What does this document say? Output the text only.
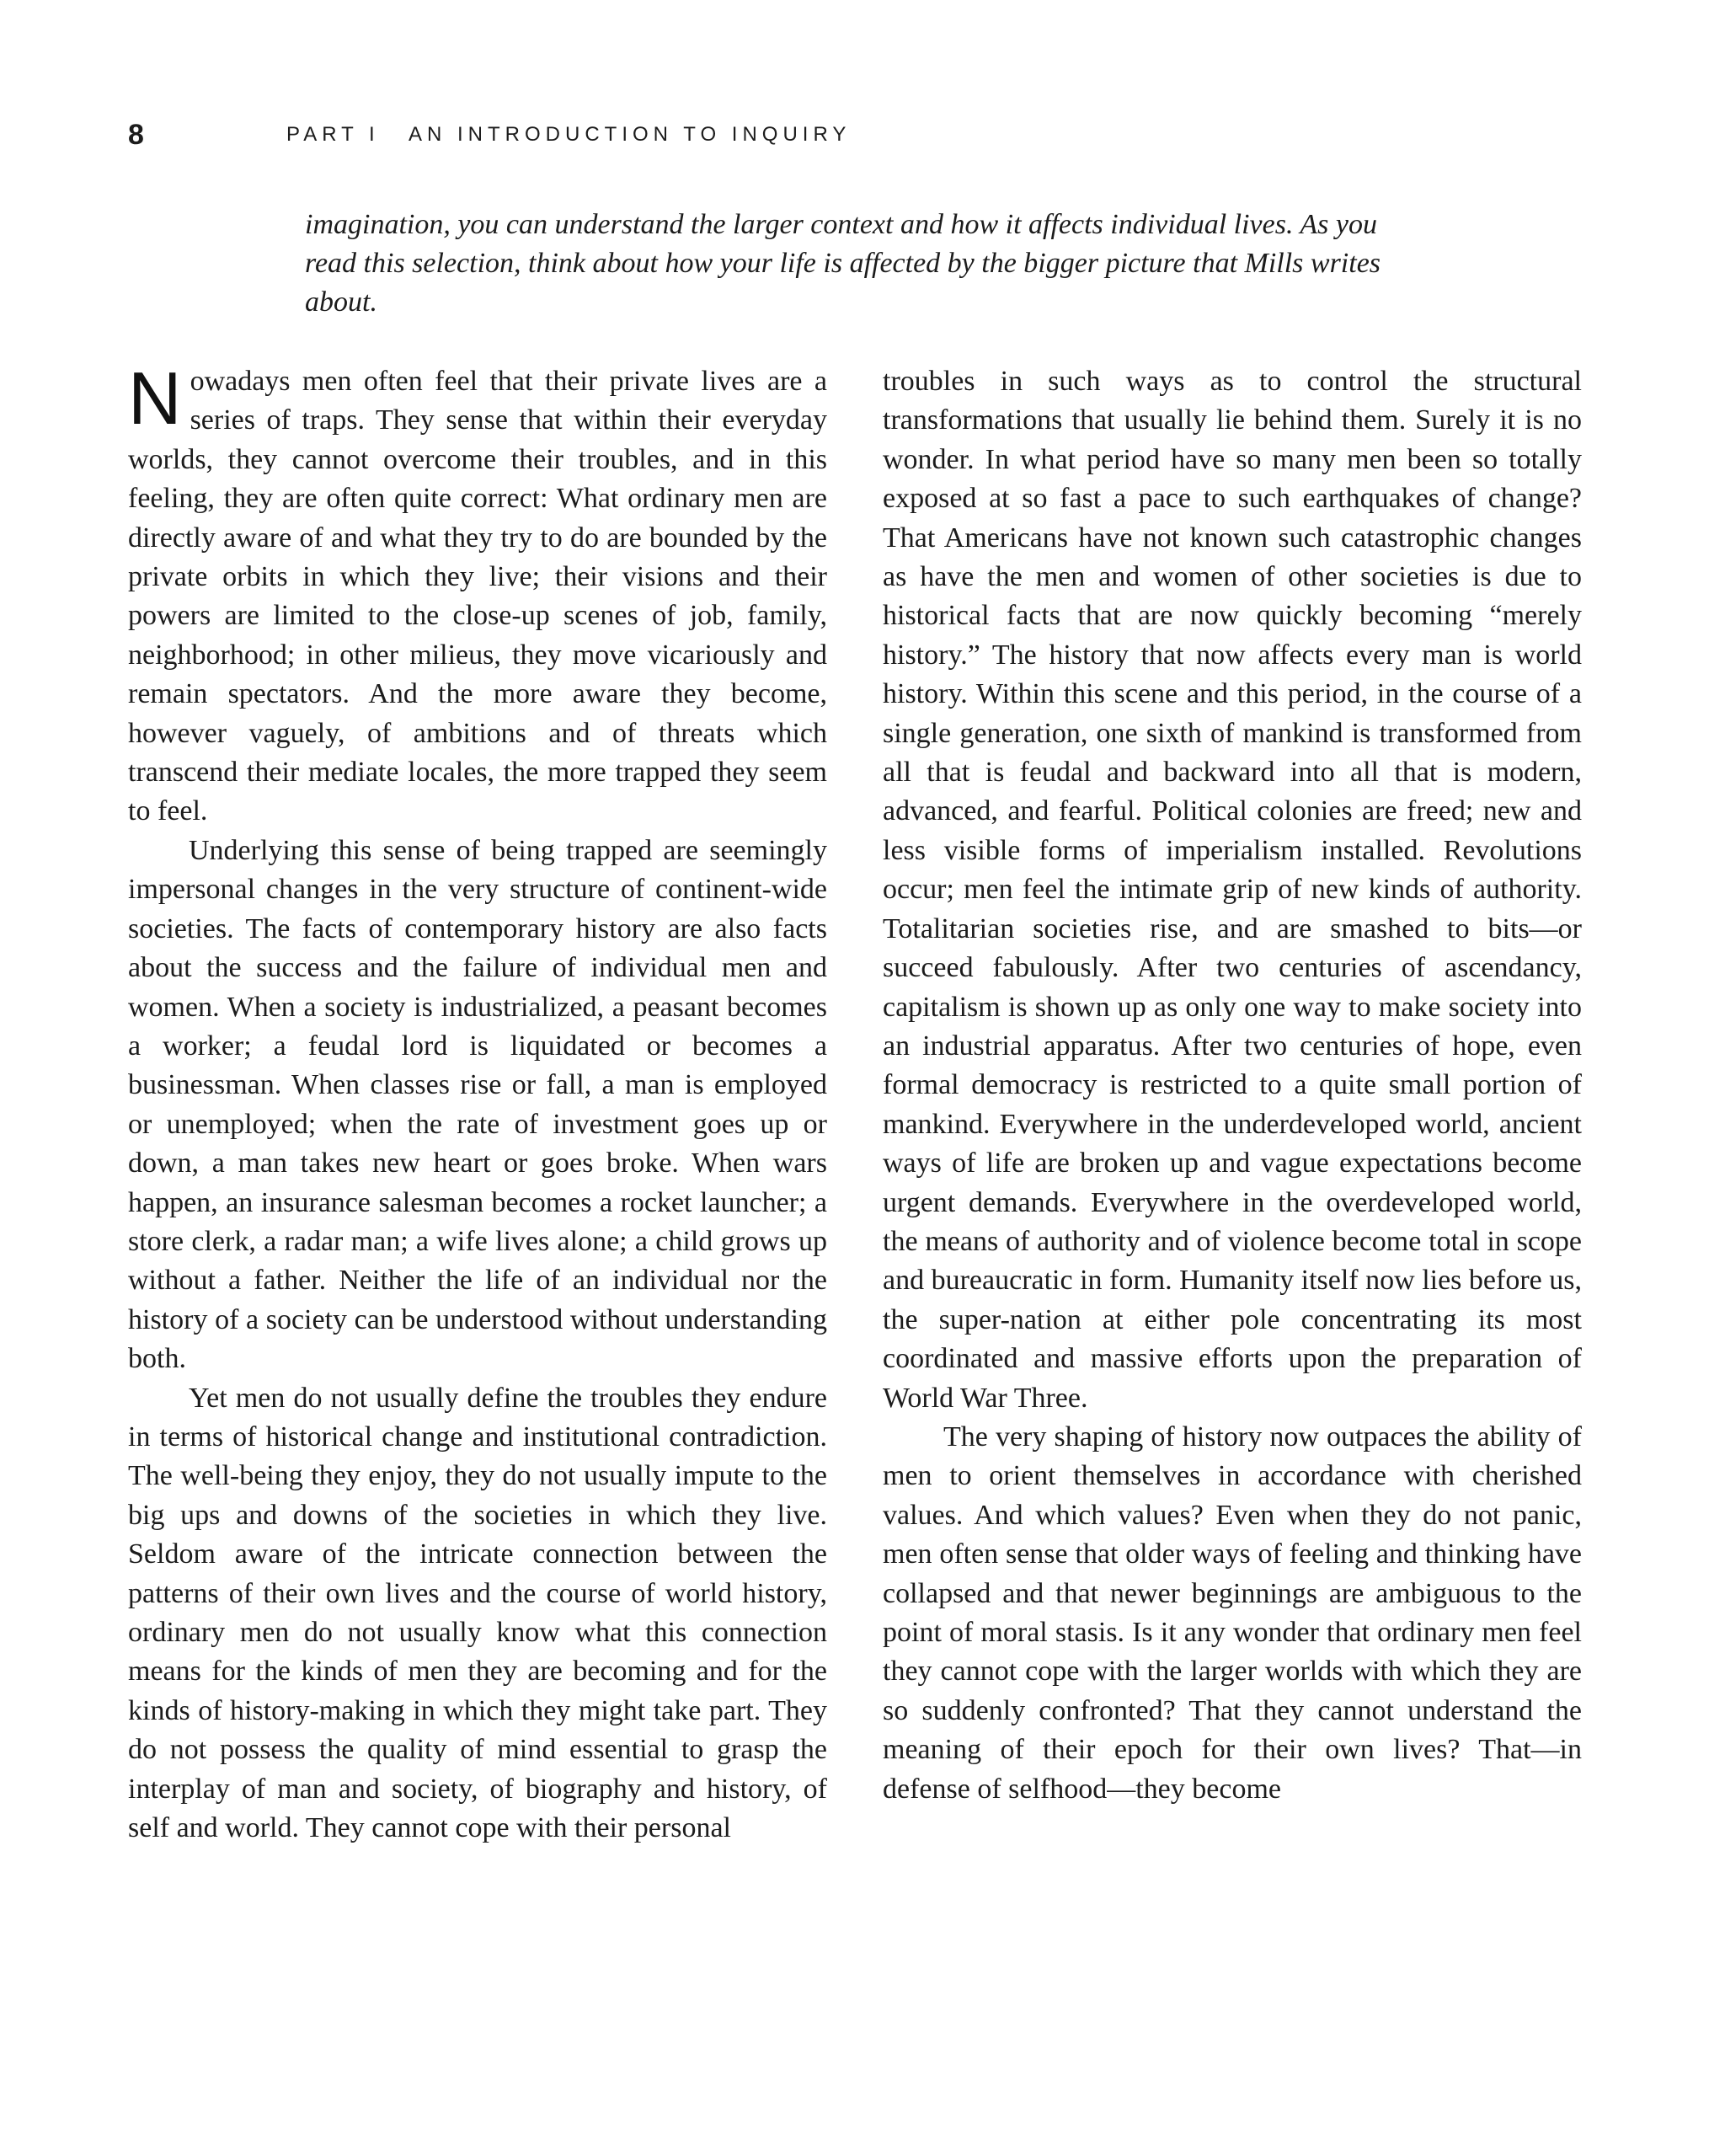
8	PART I AN INTRODUCTION TO INQUIRY

imagination, you can understand the larger context and how it affects individual lives. As you read this selection, think about how your life is affected by the bigger picture that Mills writes about.

Nowadays men often feel that their private lives are a series of traps. They sense that within their everyday worlds, they cannot overcome their troubles, and in this feeling, they are often quite correct: What ordinary men are directly aware of and what they try to do are bounded by the private orbits in which they live; their visions and their powers are limited to the close-up scenes of job, family, neighborhood; in other milieus, they move vicariously and remain spectators. And the more aware they become, however vaguely, of ambitions and of threats which transcend their mediate locales, the more trapped they seem to feel.

Underlying this sense of being trapped are seemingly impersonal changes in the very structure of continent-wide societies. The facts of contemporary history are also facts about the success and the failure of individual men and women. When a society is industrialized, a peasant becomes a worker; a feudal lord is liquidated or becomes a businessman. When classes rise or fall, a man is employed or unemployed; when the rate of investment goes up or down, a man takes new heart or goes broke. When wars happen, an insurance salesman becomes a rocket launcher; a store clerk, a radar man; a wife lives alone; a child grows up without a father. Neither the life of an individual nor the history of a society can be understood without understanding both.

Yet men do not usually define the troubles they endure in terms of historical change and institutional contradiction. The well-being they enjoy, they do not usually impute to the big ups and downs of the societies in which they live. Seldom aware of the intricate connection between the patterns of their own lives and the course of world history, ordinary men do not usually know what this connection means for the kinds of men they are becoming and for the kinds of history-making in which they might take part. They do not possess the quality of mind essential to grasp the interplay of man and society, of biography and history, of self and world. They cannot cope with their personal

troubles in such ways as to control the structural transformations that usually lie behind them. Surely it is no wonder. In what period have so many men been so totally exposed at so fast a pace to such earthquakes of change? That Americans have not known such catastrophic changes as have the men and women of other societies is due to historical facts that are now quickly becoming “merely history.” The history that now affects every man is world history. Within this scene and this period, in the course of a single generation, one sixth of mankind is transformed from all that is feudal and backward into all that is modern, advanced, and fearful. Political colonies are freed; new and less visible forms of imperialism installed. Revolutions occur; men feel the intimate grip of new kinds of authority. Totalitarian societies rise, and are smashed to bits—or succeed fabulously. After two centuries of ascendancy, capitalism is shown up as only one way to make society into an industrial apparatus. After two centuries of hope, even formal democracy is restricted to a quite small portion of mankind. Everywhere in the underdeveloped world, ancient ways of life are broken up and vague expectations become urgent demands. Everywhere in the overdeveloped world, the means of authority and of violence become total in scope and bureaucratic in form. Humanity itself now lies before us, the super-nation at either pole concentrating its most coordinated and massive efforts upon the preparation of World War Three.

The very shaping of history now outpaces the ability of men to orient themselves in accordance with cherished values. And which values? Even when they do not panic, men often sense that older ways of feeling and thinking have collapsed and that newer beginnings are ambiguous to the point of moral stasis. Is it any wonder that ordinary men feel they cannot cope with the larger worlds with which they are so suddenly confronted? That they cannot understand the meaning of their epoch for their own lives? That—in defense of selfhood—they become
